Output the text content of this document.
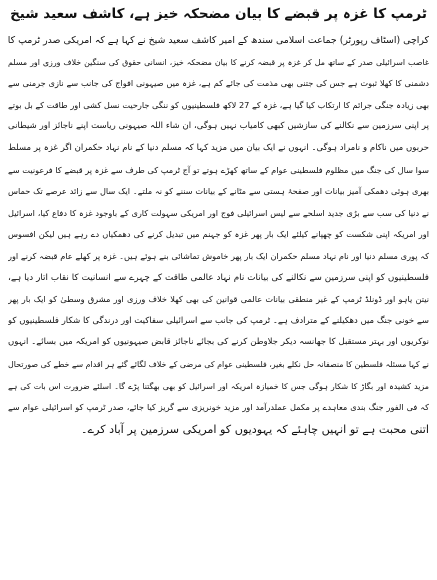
ٹرمپ کا غزہ پر قبضے کا بیان مضحکہ خیز ہے، کاشف سعید شیخ
کراچی (اسٹاف رپورٹر) جماعت اسلامی سندھ کے امیر کاشف سعید شیخ نے کہا ہے کہ امریکی صدر ٹرمپ کا
غاصب اسرائیلی صدر کے ساتھ مل کر غزہ پر قبضہ کرنے کا بیان مضحکہ خیز، انسانی حقوق کی سنگین خلاف ورزی اور مسلم
دشمنی کا کھلا ثبوت ہے جس کی جتنی بھی مذمت کی جائے کم ہے، غزہ میں صیہونی افواج کی جانب سے نازی جرمنی سے
بھی زیادہ جنگی جرائم کا ارتکاب کیا گیا ہے، غزہ کے 27 لاکھ فلسطینیوں کو ننگی جارحیت نسل کشی اور طاقت کے بل بوتے
پر اپنی سرزمین سے نکالنے کی سازشیں کبھی کامیاب نہیں ہوگی، ان شاء اللہ صیہونی ریاست اپنے ناجائز اور شیطانی
حربوں میں ناکام و نامراد ہوگی۔ انہوں نے ایک بیان میں مزید کہا کہ مسلم دنیا کے نام نہاد حکمران اگر غزہ پر مسلط
سوا سال کی جنگ میں مظلوم فلسطینی عوام کے ساتھ کھڑے ہوتے تو آج ٹرمپ کی طرف سے غزہ پر قبضے کا فرعونیت سے
بھری ہوئی دھمکی آمیز بیانات اور صفحۂ ہستی سے مٹانے کے بیانات سننے کو نہ ملتے۔ ایک سال سے زائد عرصے تک حماس
نے دنیا کی سب سے بڑی جدید اسلحے سے لیس اسرائیلی فوج اور امریکی سہولت کاری کے باوجود غزہ کا دفاع کیا، اسرائیل
اور امریکہ اپنی شکست کو چھپانے کیلئے ایک بار پھر غزہ کو جہنم میں تبدیل کرنے کی دھمکیاں دے رہے ہیں لیکن افسوس
کہ پوری مسلم دنیا اور نام نہاد مسلم حکمران ایک بار پھر خاموش تماشائی بنے ہوئے ہیں۔ غزہ پر کھلے عام قبضہ کرنے اور
فلسطینیوں کو اپنی سرزمین سے نکالنے کی بیانات نام نہاد عالمی طاقت کے چہرے سے انسانیت کا نقاب اتار دیا ہے،
نیتن یاہو اور ڈونلڈ ٹرمپ کے غیر منطقی بیانات عالمی قوانین کی بھی کھلا خلاف ورزی اور مشرق وسطیٰ کو ایک بار پھر
سے خونی جنگ میں دھکیلنے کے مترادف ہے۔ ٹرمپ کی جانب سے اسرائیلی سفاکیت اور درندگی کا شکار فلسطینیوں کو
نوکریوں اور بہتر مستقبل کا جھانسہ دیکر جلاوطن کرنے کی بجائے ناجائز قابض صیہونیوں کو امریکہ میں بسائے۔ انہوں
نے کہا مسئلہ فلسطین کا منصفانہ حل نکلے بغیر، فلسطینی عوام کی مرضی کے خلاف لگائے گئے ہر اقدام سے خطے کی صورتحال
مزید کشیدہ اور بگاڑ کا شکار ہوگی جس کا خمیازہ امریکہ اور اسرائیل کو بھی بھگتنا پڑے گا۔ اسلئے ضرورت اس بات کی ہے
کہ فی الفور جنگ بندی معاہدے پر مکمل عملدرآمد اور مزید خونریزی سے گریز کیا جائے، صدر ٹرمپ کو اسرائیلی عوام سے
اتنی محبت ہے تو انہیں چاہئے کہ یہودیوں کو امریکی سرزمین پر آباد کرے۔
